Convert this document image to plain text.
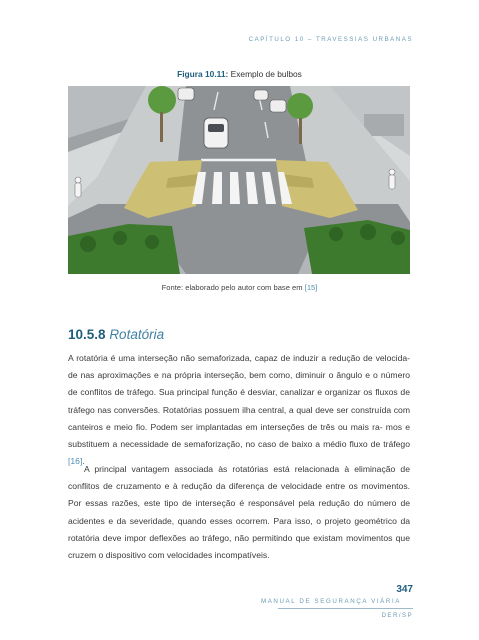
CAPÍTULO 10 – TRAVESSIAS URBANAS
Figura 10.11: Exemplo de bulbos
Fonte: elaborado pelo autor com base em [15]
10.5.8 Rotatória

A rotatória é uma interseção não semaforizada, capaz de induzir a redução de velocida- de nas aproximações e na própria interseção, bem como, diminuir o ângulo e o número de conflitos de tráfego. Sua principal função é desviar, canalizar e organizar os fluxos de tráfego nas conversões. Rotatórias possuem ilha central, a qual deve ser construída com canteiros e meio fio. Podem ser implantadas em interseções de três ou mais ra- mos e substituem a necessidade de semaforização, no caso de baixo a médio fluxo de tráfego [16].

A principal vantagem associada às rotatórias está relacionada à eliminação de conflitos de cruzamento e à redução da diferença de velocidade entre os movimentos. Por essas razões, este tipo de interseção é responsável pela redução do número de acidentes e da severidade, quando esses ocorrem. Para isso, o projeto geométrico da rotatória deve impor deflexões ao tráfego, não permitindo que existam movimentos que cruzem o dispositivo com velocidades incompatíveis.

347
MANUAL DE SEGURANÇA VIÁRIA
DER/SP
